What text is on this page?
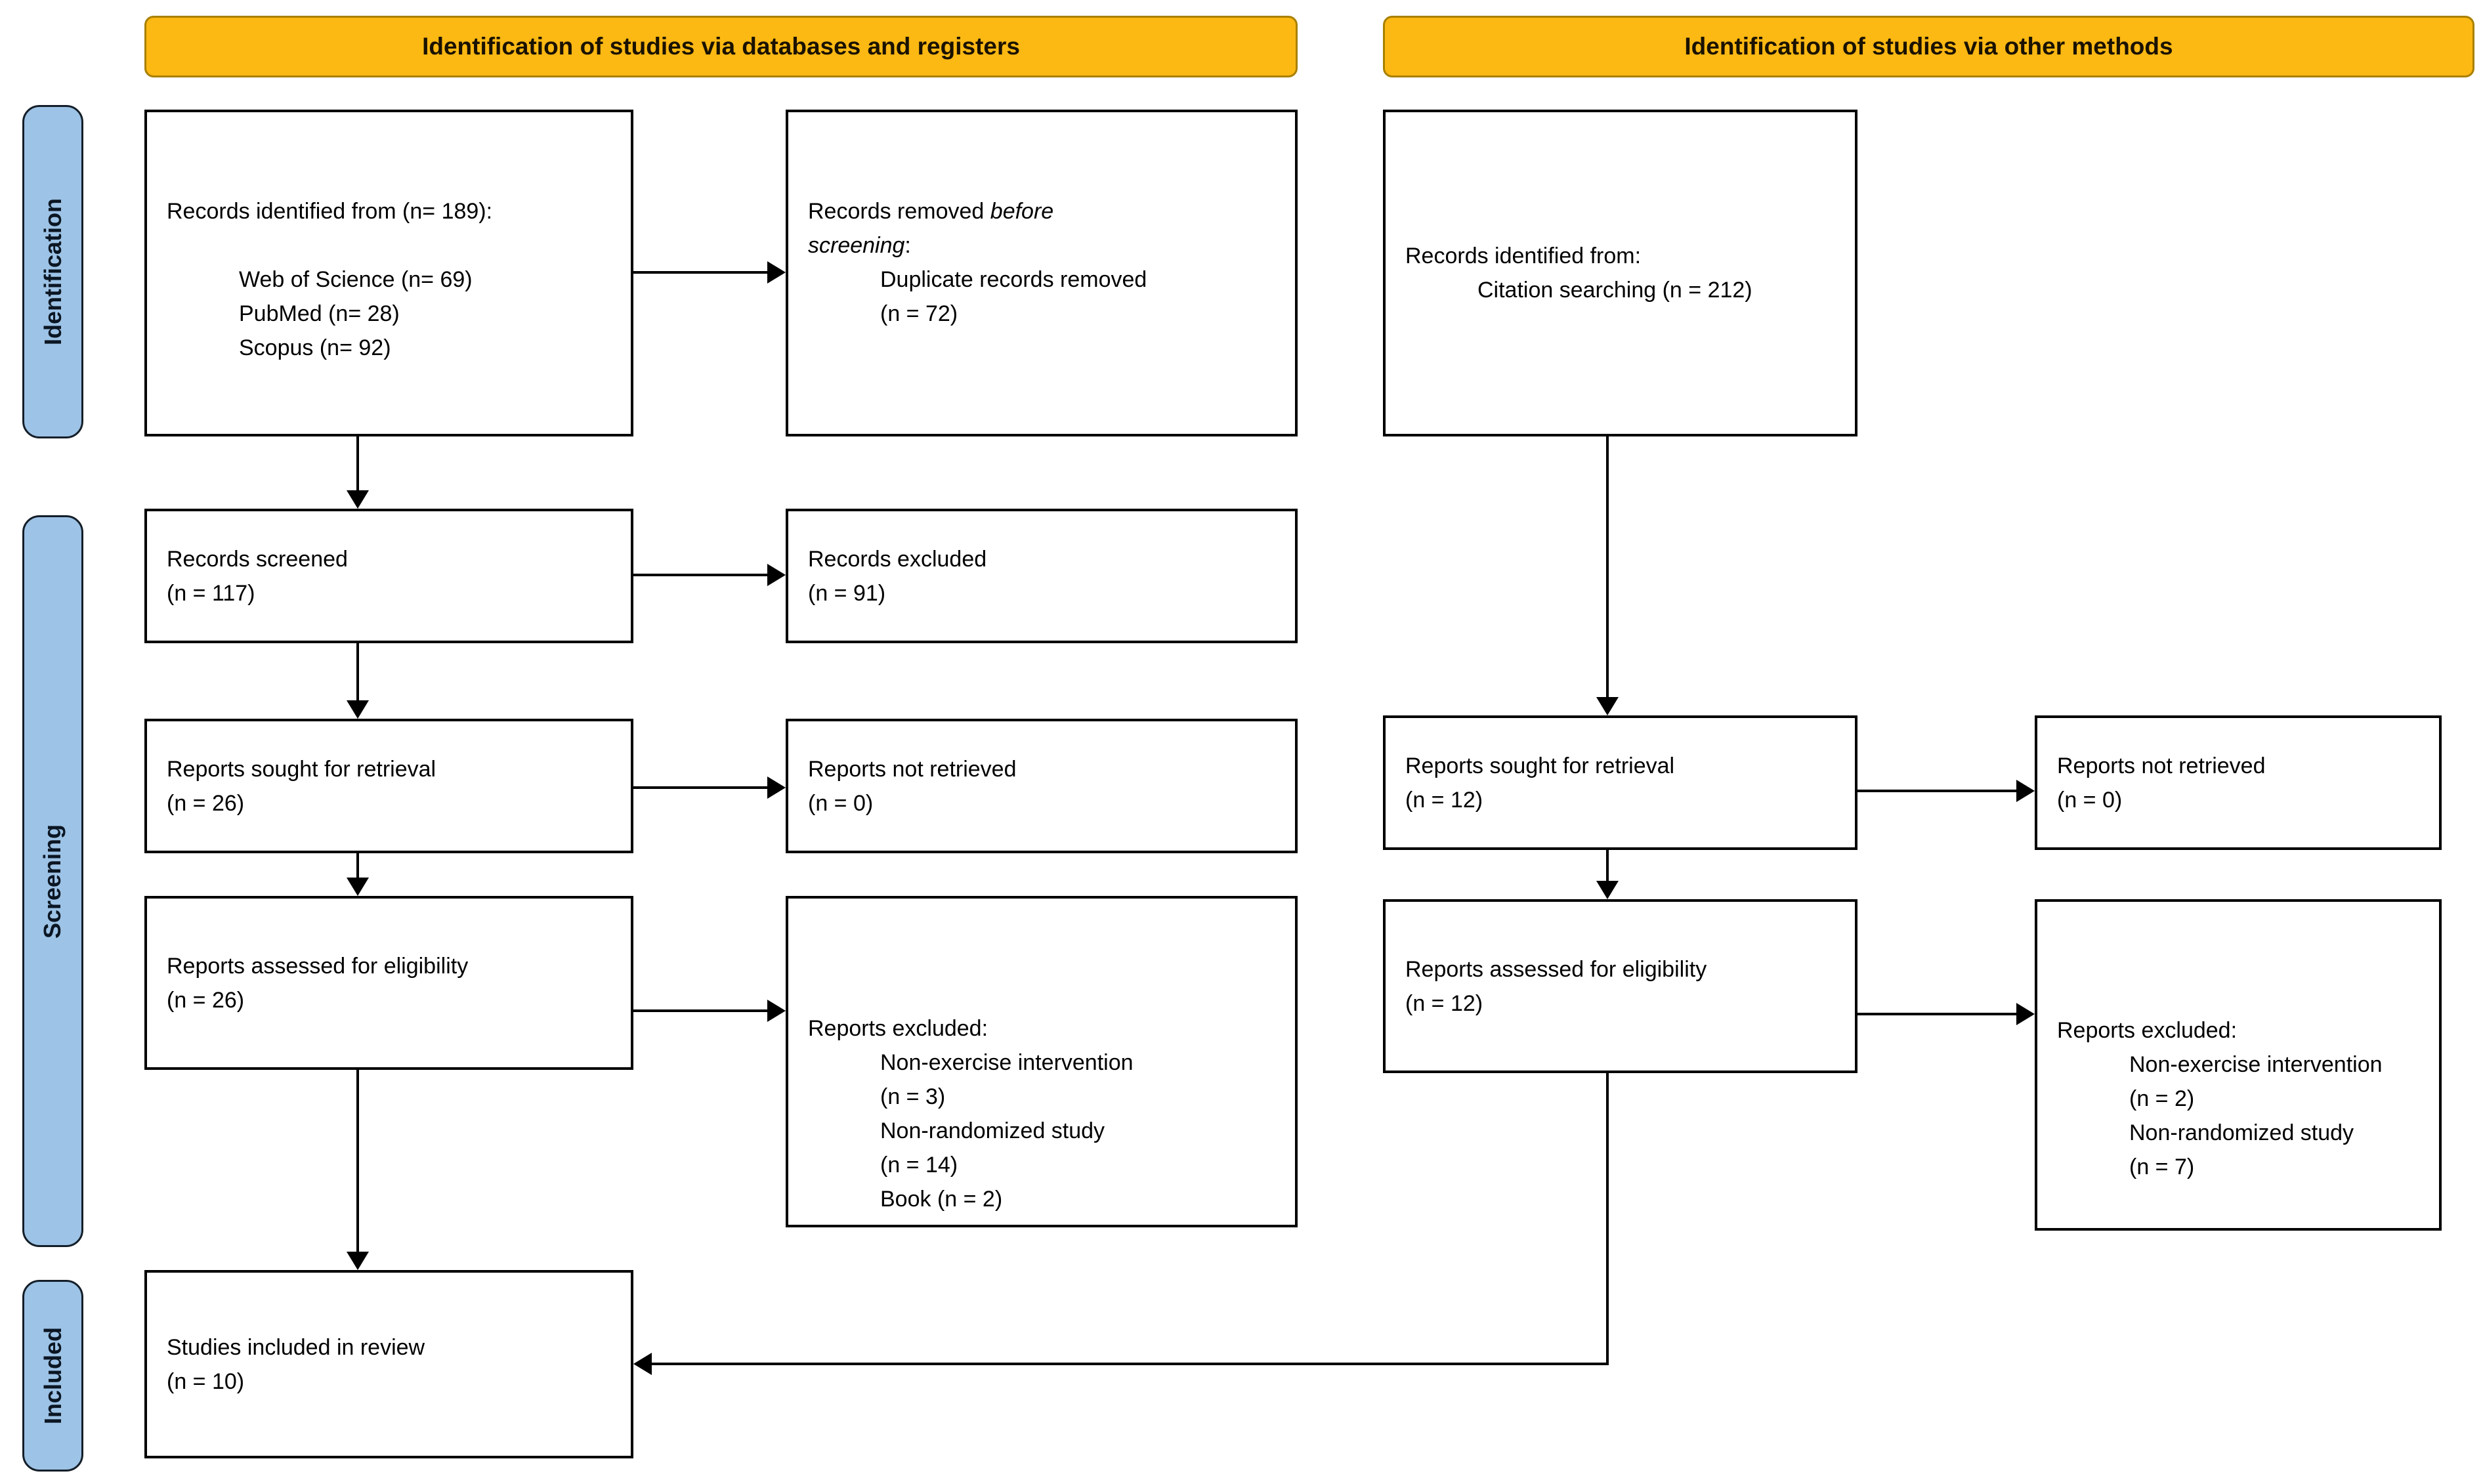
Identification of studies via databases and registers	Identification of studies via other methods
Identification
Screening
Included
Records identified from (n= 189):
Web of Science (n= 69)
PubMed (n= 28)
Scopus (n= 92)
Records removed before
screening:
Duplicate records removed
(n = 72)
Records identified from:
Citation searching (n = 212)
Records screened
(n = 117)
Records excluded
(n = 91)
Reports sought for retrieval
(n = 26)
Reports not retrieved
(n = 0)
Reports sought for retrieval
(n = 12)
Reports not retrieved
(n = 0)
Reports assessed for eligibility
(n = 26)
Reports excluded:
Non-exercise intervention
(n = 3)
Non-randomized study
(n = 14)
Book (n = 2)
Reports assessed for eligibility
(n = 12)
Reports excluded:
Non-exercise intervention
(n = 2)
Non-randomized study
(n = 7)
Studies included in review
(n = 10)
